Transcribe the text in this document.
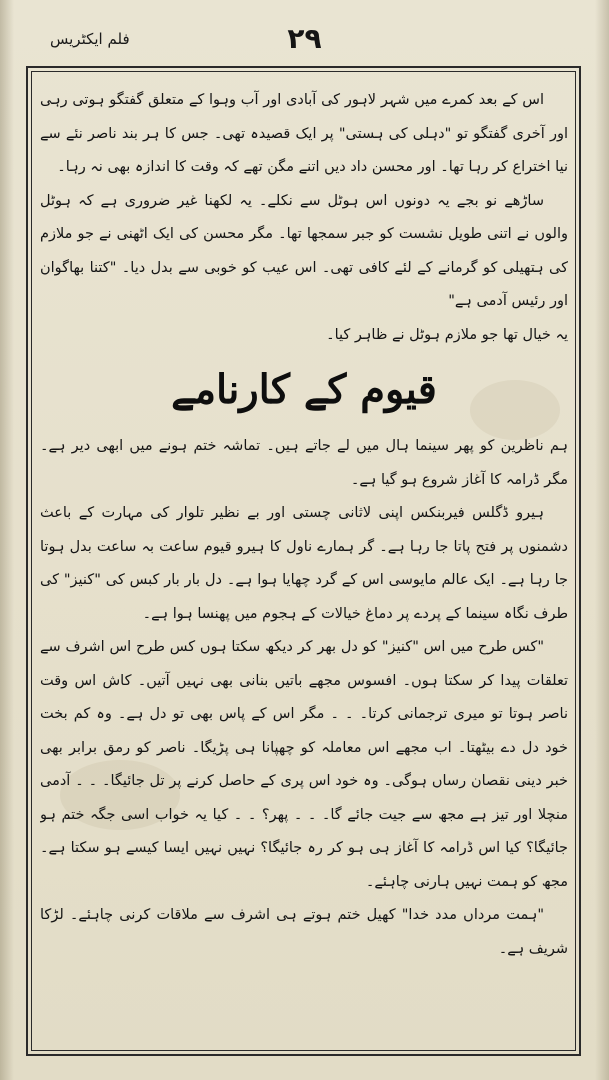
۲۹
فلم ایکٹریس

اس کے بعد کمرے میں شہر لاہور کی آبادی اور آب وہوا کے متعلق گفتگو ہوتی رہی اور آخری گفتگو تو "دہلی کی ہستی" پر ایک قصیدہ تھی۔ جس کا ہر بند ناصر نئے سے نیا اختراع کر رہا تھا۔ اور محسن داد دیں اتنے مگن تھے کہ وقت کا اندازہ بھی نہ رہا۔

ساڑھے نو بجے یہ دونوں اس ہوٹل سے نکلے۔ یہ لکھنا غیر ضروری ہے کہ ہوٹل والوں نے اتنی طویل نشست کو جبر سمجھا تھا۔ مگر محسن کی ایک اٹھنی نے جو ملازم کی ہتھیلی کو گرمانے کے لئے کافی تھی۔ اس عیب کو خوبی سے بدل دیا۔ "کتنا بھاگوان اور رئیس آدمی ہے"

یہ خیال تھا جو ملازم ہوٹل نے ظاہر کیا۔

قیوم کے کارنامے

ہم ناظرین کو پھر سینما ہال میں لے جاتے ہیں۔ تماشہ ختم ہونے میں ابھی دیر ہے۔ مگر ڈرامہ کا آغاز شروع ہو گیا ہے۔

ہیرو ڈگلس فیربنکس اپنی لاثانی چستی اور بے نظیر تلوار کی مہارت کے باعث دشمنوں پر فتح پاتا جا رہا ہے۔ گر ہمارے ناول کا ہیرو قیوم ساعت بہ ساعت بدل ہوتا جا رہا ہے۔ ایک عالم مایوسی اس کے گرد چھایا ہوا ہے۔ دل بار بار کبس کی "کنیز" کی طرف نگاہ سینما کے پردے پر دماغ خیالات کے ہجوم میں پھنسا ہوا ہے۔

"کس طرح میں اس "کنیز" کو دل بھر کر دیکھ سکتا ہوں کس طرح اس اشرف سے تعلقات پیدا کر سکتا ہوں۔ افسوس مجھے باتیں بنانی بھی نہیں آتیں۔ کاش اس وقت ناصر ہوتا تو میری ترجمانی کرتا۔ ۔ ۔ مگر اس کے پاس بھی تو دل ہے۔ وہ کم بخت خود دل دے بیٹھتا۔ اب مجھے اس معاملہ کو چھپانا ہی پڑیگا۔ ناصر کو رمق برابر بھی خبر دینی نقصان رساں ہوگی۔ وہ خود اس پری کے حاصل کرنے پر تل جائیگا۔ ۔ ۔ آدمی منچلا اور تیز ہے مجھ سے جیت جائے گا۔ ۔ ۔ پھر؟ ۔ ۔ کیا یہ خواب اسی جگہ ختم ہو جائیگا؟ کیا اس ڈرامہ کا آغاز ہی ہو کر رہ جائیگا؟ نہیں نہیں ایسا کیسے ہو سکتا ہے۔ مجھ کو ہمت نہیں ہارنی چاہئے۔

"ہمت مرداں مدد خدا" کھیل ختم ہوتے ہی اشرف سے ملاقات کرنی چاہئے۔ لڑکا شریف ہے۔
